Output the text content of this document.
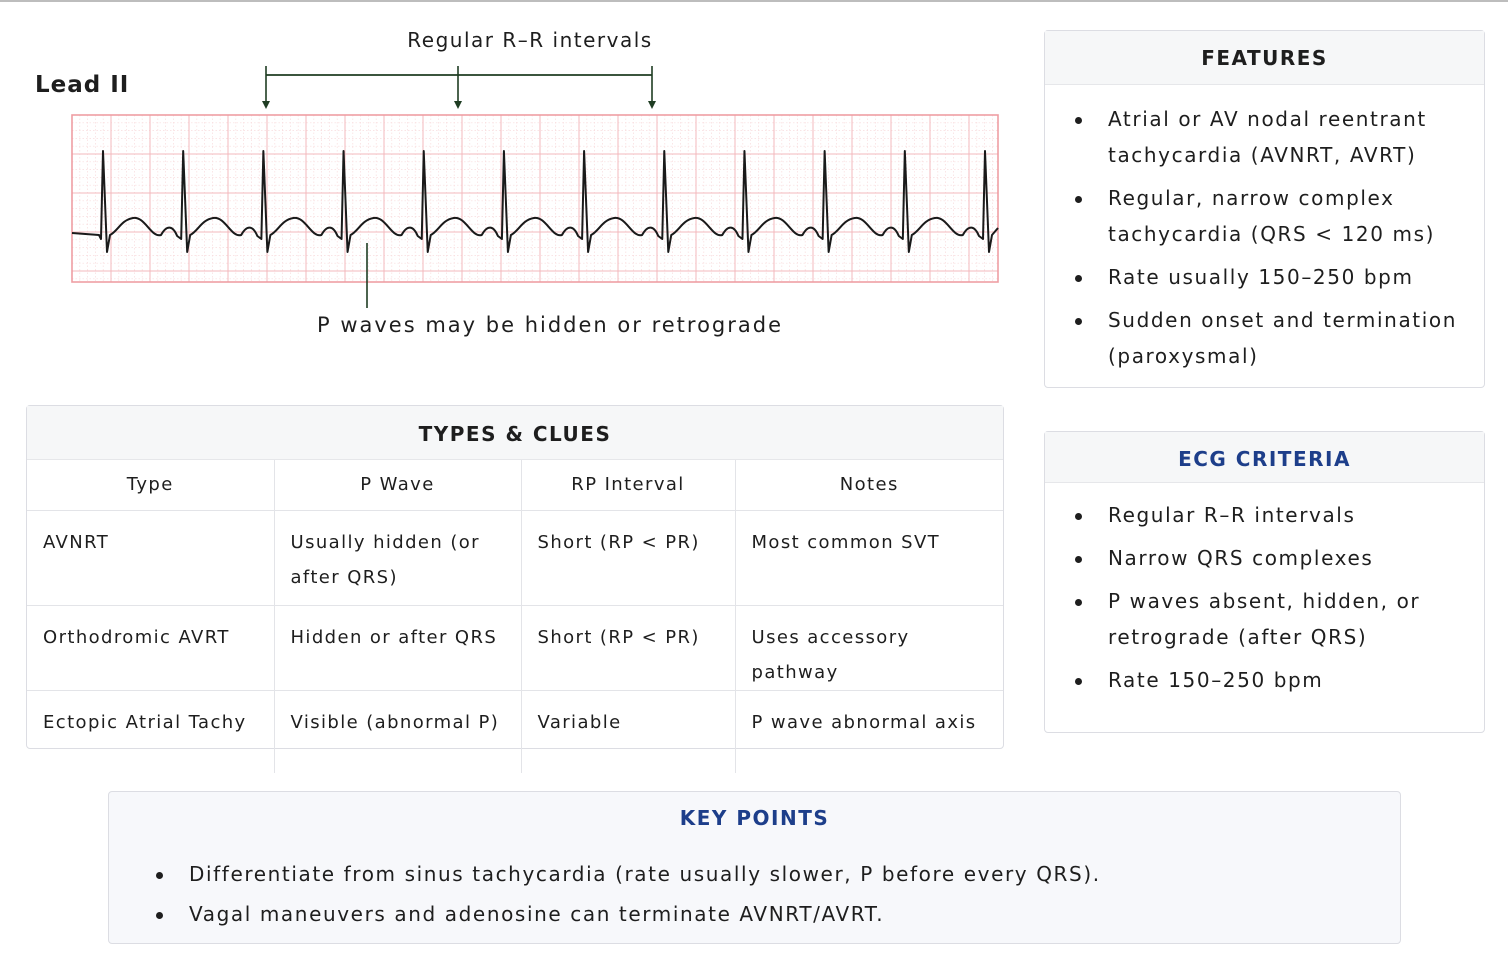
Lead II
Regular R–R intervals
P waves may be hidden or retrograde
FEATURES
Atrial or AV nodal reentrant tachycardia (AVNRT, AVRT)
Regular, narrow complex tachycardia (QRS < 120 ms)
Rate usually 150–250 bpm
Sudden onset and termination (paroxysmal)
ECG CRITERIA
Regular R–R intervals
Narrow QRS complexes
P waves absent, hidden, or retrograde (after QRS)
Rate 150–250 bpm
TYPES & CLUES
Type	P Wave	RP Interval	Notes
AVNRT	Usually hidden (or after QRS)	Short (RP < PR)	Most common SVT
Orthodromic AVRT	Hidden or after QRS	Short (RP < PR)	Uses accessory pathway
Ectopic Atrial Tachy	Visible (abnormal P)	Variable	P wave abnormal axis
KEY POINTS
Differentiate from sinus tachycardia (rate usually slower, P before every QRS).
Vagal maneuvers and adenosine can terminate AVNRT/AVRT.
